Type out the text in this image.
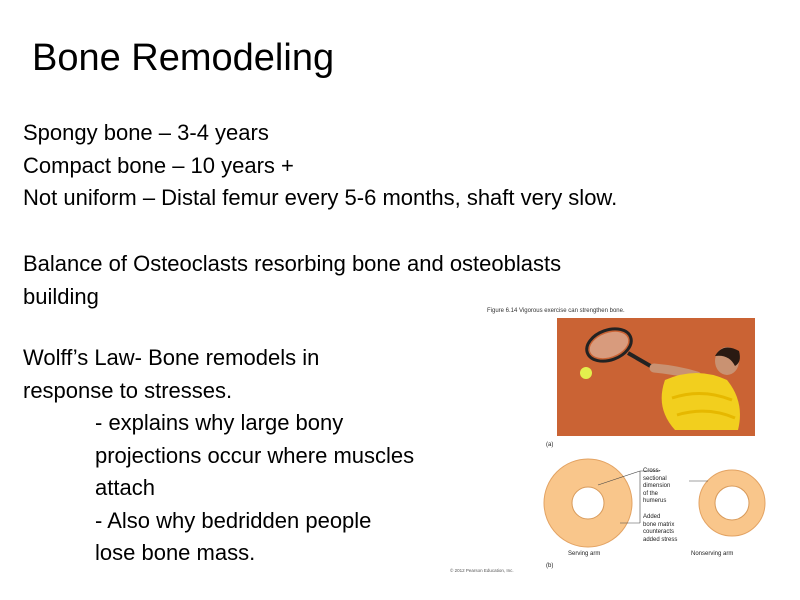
Bone Remodeling
Spongy bone – 3-4 years
Compact bone – 10 years +
Not uniform – Distal femur every 5-6 months, shaft very slow.
Balance of Osteoclasts resorbing bone and osteoblasts
building
Wolff’s Law- Bone remodels in
response to stresses.
- explains why large bony
projections occur where muscles
attach
- Also why bedridden people
lose bone mass.
Figure 6.14 Vigorous exercise can strengthen bone.
(a)
Cross-
sectional
dimension
of the
humerus
Added
bone matrix
counteracts
added stress
Serving arm	Nonserving arm
(b)
© 2012 Pearson Education, Inc.
